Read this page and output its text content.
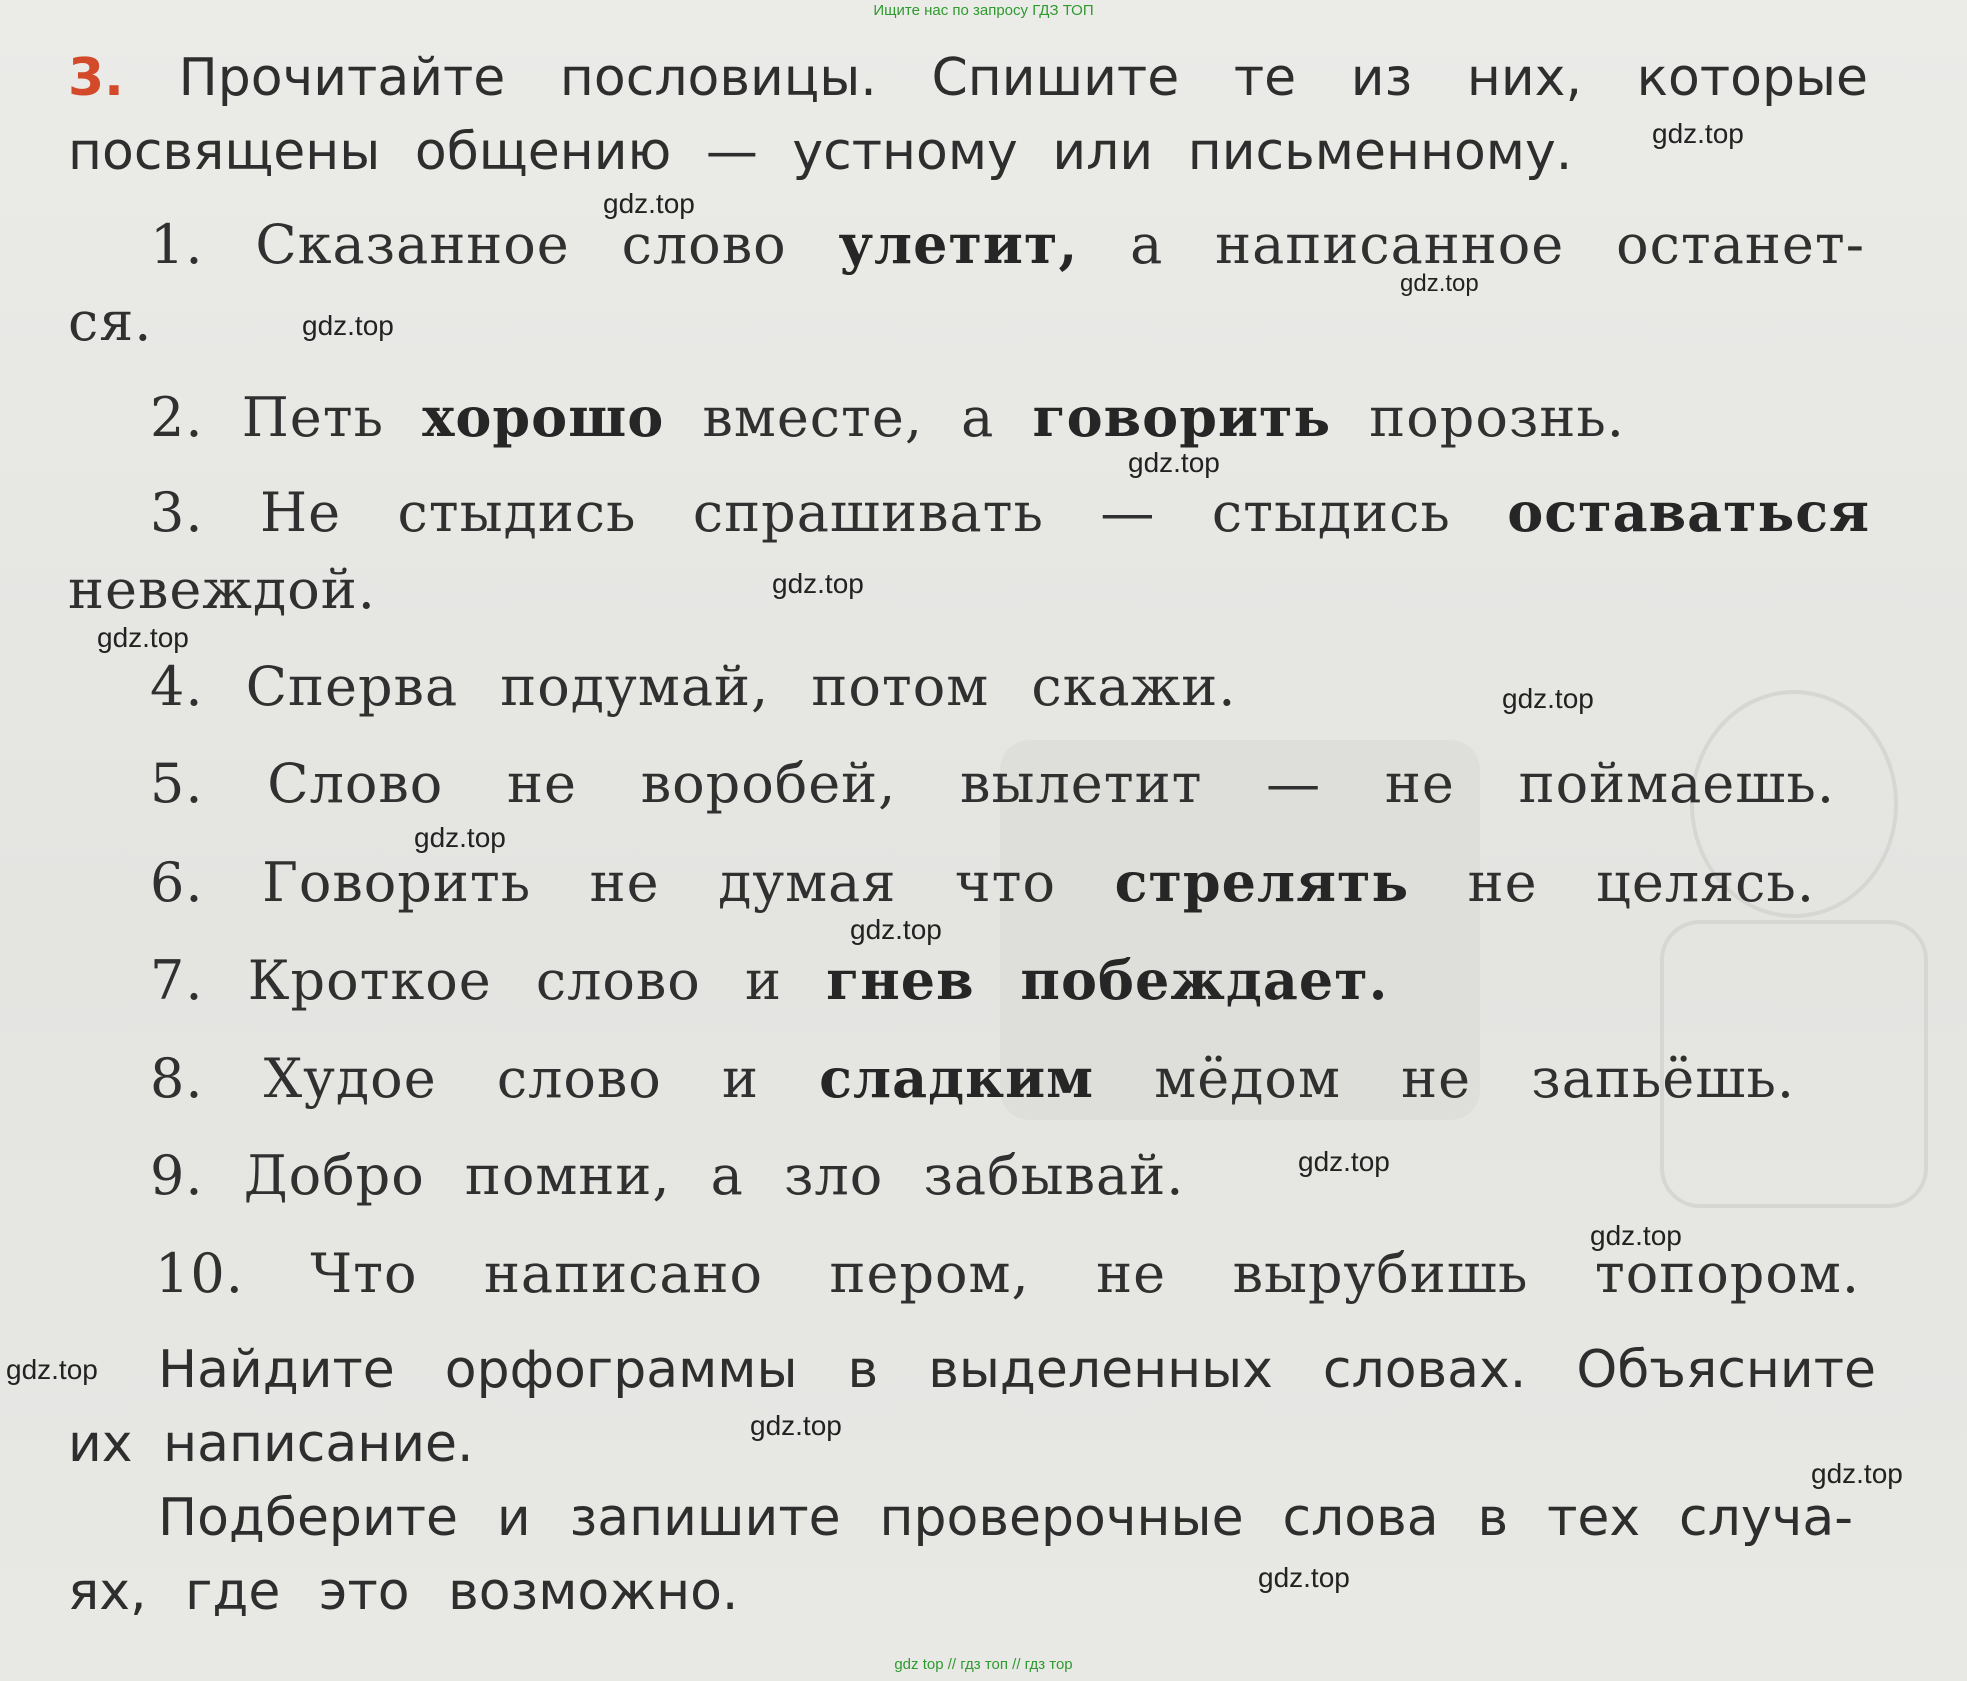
Ищите нас по запросу ГДЗ ТОП
3. Прочитайте пословицы. Спишите те из них, которые
посвящены общению — устному или письменному.
1. Сказанное слово улетит, а написанное останет-
ся.
2. Петь хорошо вместе, а говорить порознь.
3. Не стыдись спрашивать — стыдись оставаться
невеждой.
4. Сперва подумай, потом скажи.
5. Слово не воробей, вылетит — не поймаешь.
6. Говорить не думая что стрелять не целясь.
7. Кроткое слово и гнев побеждает.
8. Худое слово и сладким мёдом не запьёшь.
9. Добро помни, а зло забывай.
10. Что написано пером, не вырубишь топором.
Найдите орфограммы в выделенных словах. Объясните
их написание.
Подберите и запишите проверочные слова в тех случа-
ях, где это возможно.
gdz.top
gdz.top
gdz.top
gdz.top
gdz.top
gdz.top
gdz.top
gdz.top
gdz.top
gdz.top
gdz.top
gdz.top
gdz.top
gdz.top
gdz.top
gdz.top
gdz top // гдз топ // гдз тор
